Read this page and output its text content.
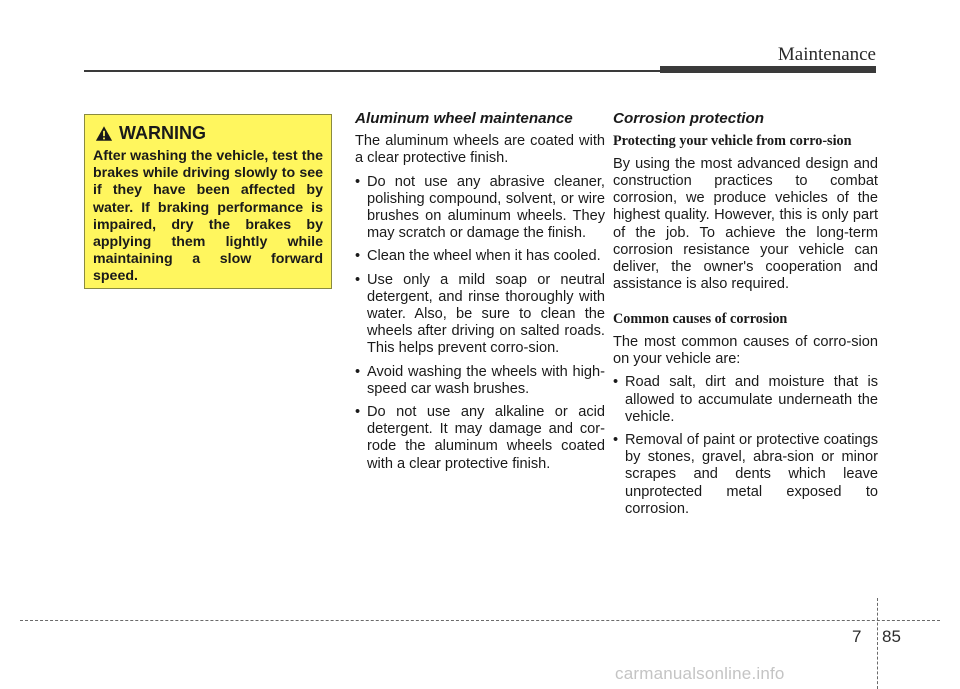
Maintenance
WARNING
After washing the vehicle, test the brakes while driving slowly to see if they have been affected by water. If braking performance is impaired, dry the brakes by applying them lightly while maintaining a slow forward speed.
Aluminum wheel maintenance

The aluminum wheels are coated with a clear protective finish.

• Do not use any abrasive cleaner, polishing compound, solvent, or wire brushes on aluminum wheels. They may scratch or damage the finish.
• Clean the wheel when it has cooled.
• Use only a mild soap or neutral detergent, and rinse thoroughly with water. Also, be sure to clean the wheels after driving on salted roads. This helps prevent corro-sion.
• Avoid washing the wheels with high-speed car wash brushes.
• Do not use any alkaline or acid detergent. It may damage and cor-rode the aluminum wheels coated with a clear protective finish.
Corrosion protection
Protecting your vehicle from corro-sion

By using the most advanced design and construction practices to combat corrosion, we produce vehicles of the highest quality. However, this is only part of the job. To achieve the long-term corrosion resistance your vehicle can deliver, the owner's cooperation and assistance is also required.

Common causes of corrosion

The most common causes of corro-sion on your vehicle are:

• Road salt, dirt and moisture that is allowed to accumulate underneath the vehicle.
• Removal of paint or protective coatings by stones, gravel, abra-sion or minor scrapes and dents which leave unprotected metal exposed to corrosion.
7 85
carmanualsonline.info
